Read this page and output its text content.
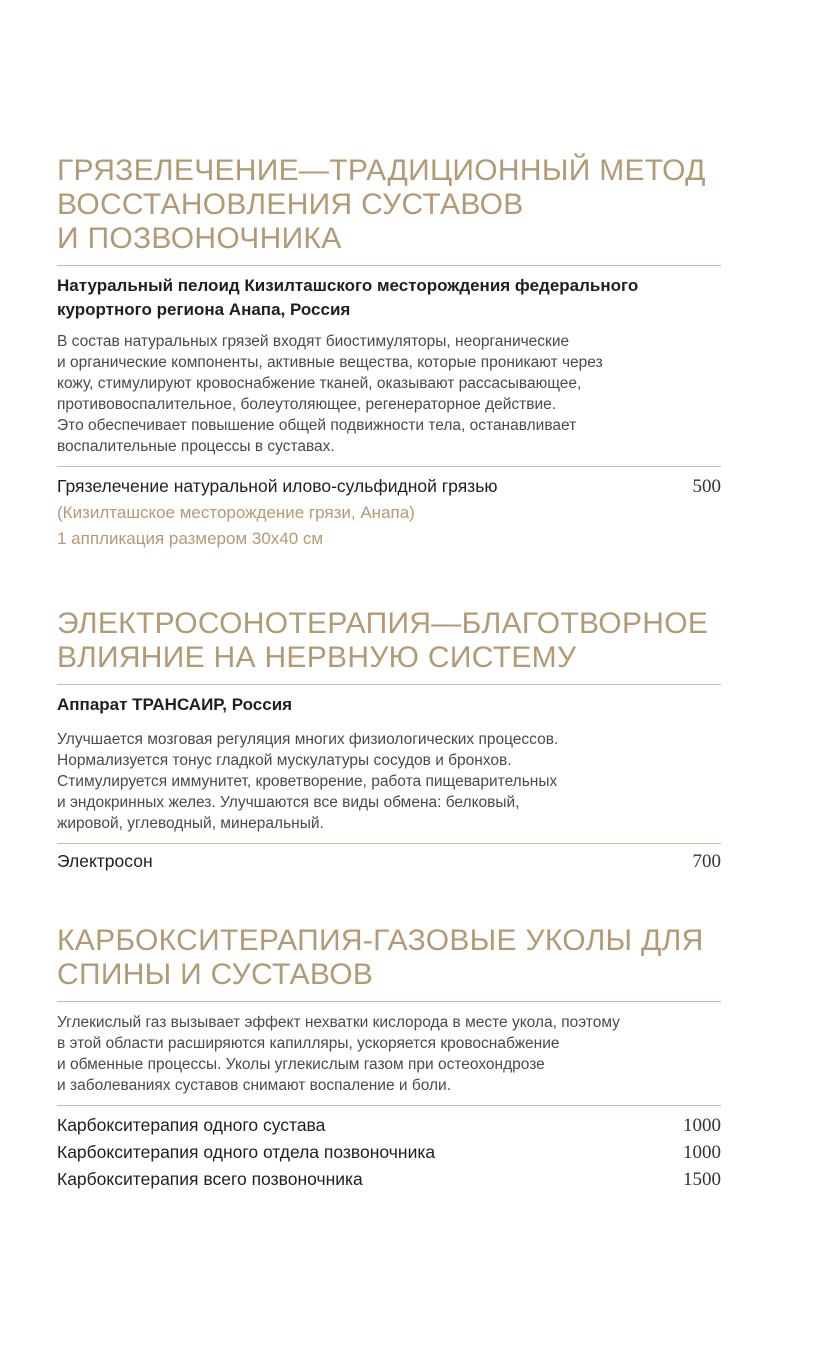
ГРЯЗЕЛЕЧЕНИЕ—ТРАДИЦИОННЫЙ МЕТОД
ВОССТАНОВЛЕНИЯ СУСТАВОВ
И ПОЗВОНОЧНИКА
Натуральный пелоид Кизилташского месторождения федерального
курортного региона Анапа, Россия

В состав натуральных грязей входят биостимуляторы, неорганические
и органические компоненты, активные вещества, которые проникают через
кожу, стимулируют кровоснабжение тканей, оказывают рассасывающее,
противовоспалительное, болеутоляющее, регенераторное действие.
Это обеспечивает повышение общей подвижности тела, останавливает
воспалительные процессы в суставах.

Грязелечение натуральной илово-сульфидной грязью	500

(Кизилташское месторождение грязи, Анапа)

1 аппликация размером 30х40 см

ЭЛЕКТРОСОНОТЕРАПИЯ—БЛАГОТВОРНОЕ
ВЛИЯНИЕ НА НЕРВНУЮ СИСТЕМУ
Аппарат ТРАНСАИР, Россия

Улучшается мозговая регуляция многих физиологических процессов.
Нормализуется тонус гладкой мускулатуры сосудов и бронхов.
Стимулируется иммунитет, кроветворение, работа пищеварительных
и эндокринных желез. Улучшаются все виды обмена: белковый,
жировой, углеводный, минеральный.

Электросон	700
КАРБОКСИТЕРАПИЯ-ГАЗОВЫЕ УКОЛЫ ДЛЯ
СПИНЫ И СУСТАВОВ

Углекислый газ вызывает эффект нехватки кислорода в месте укола, поэтому
в этой области расширяются капилляры, ускоряется кровоснабжение
и обменные процессы. Уколы углекислым газом при остеохондрозе
и заболеваниях суставов снимают воспаление и боли.

Карбокситерапия одного сустава	1000
Карбокситерапия одного отдела позвоночника	1000
Карбокситерапия всего позвоночника	1500
